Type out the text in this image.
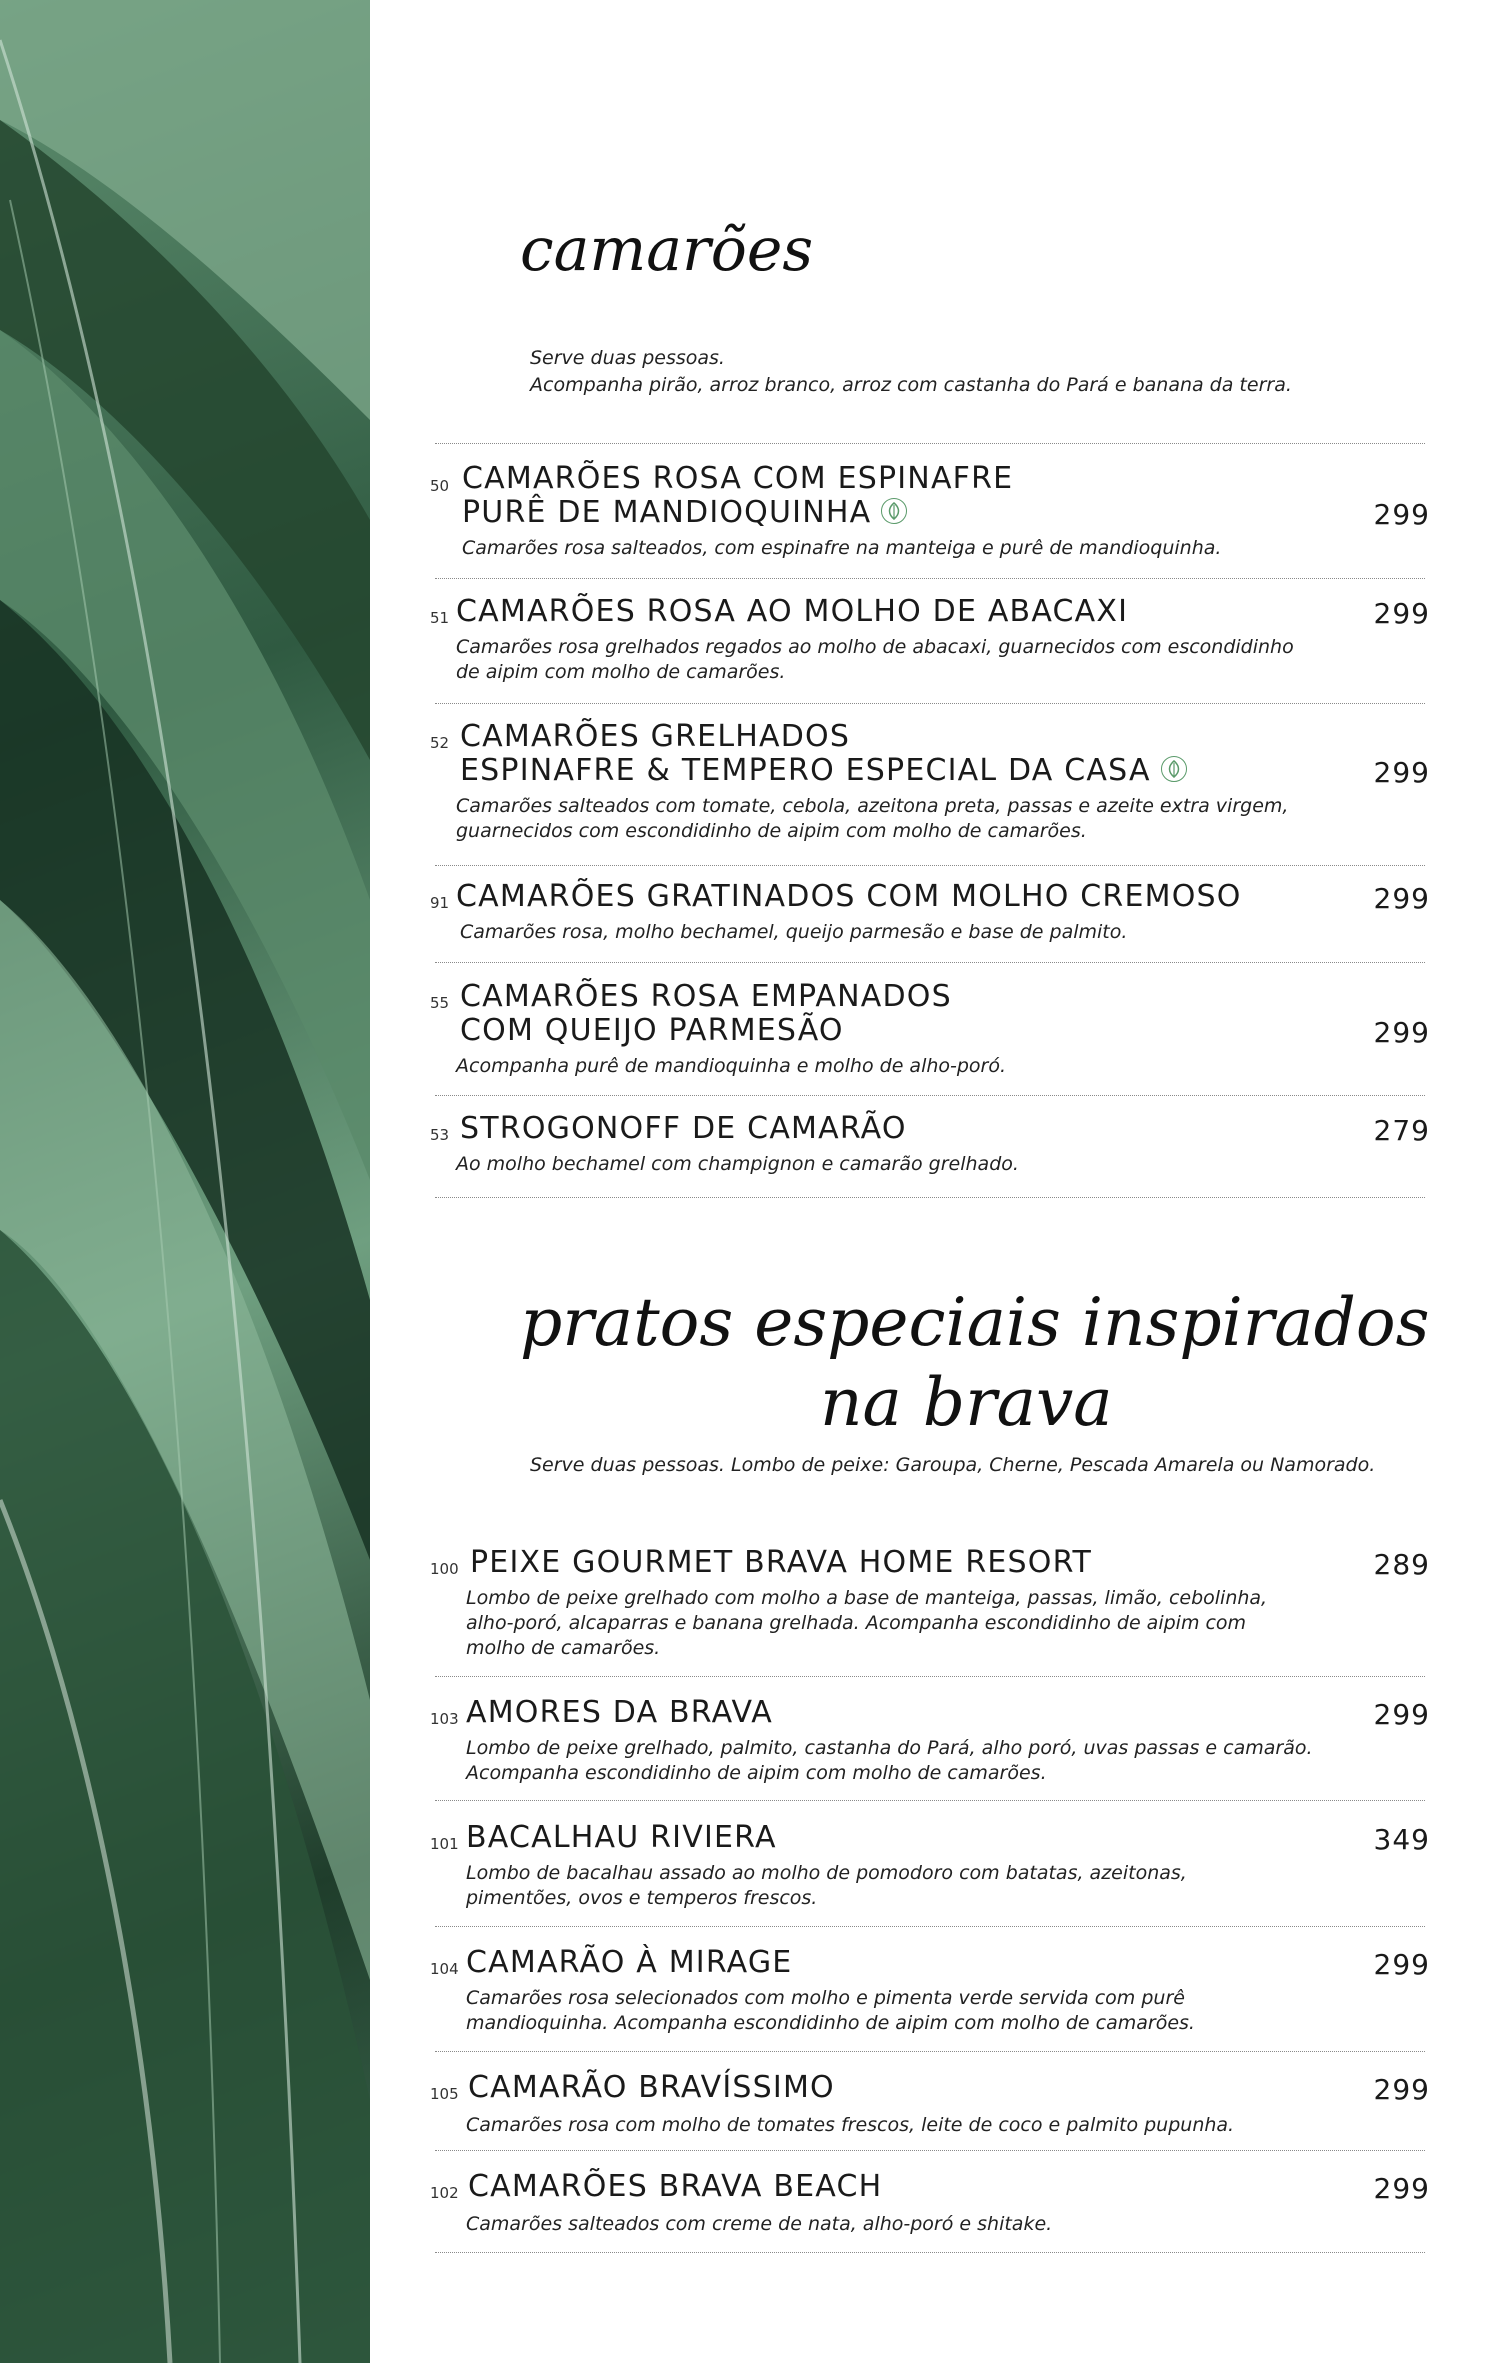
camarões

Serve duas pessoas.
Acompanha pirão, arroz branco, arroz com castanha do Pará e banana da terra.

50 CAMARÕES ROSA COM ESPINAFRE
PURÊ DE MANDIOQUINHA	299
Camarões rosa salteados, com espinafre na manteiga e purê de mandioquinha.
51 CAMARÕES ROSA AO MOLHO DE ABACAXI	299
Camarões rosa grelhados regados ao molho de abacaxi, guarnecidos com escondidinho de aipim com molho de camarões.
52 CAMARÕES GRELHADOS
ESPINAFRE & TEMPERO ESPECIAL DA CASA	299
Camarões salteados com tomate, cebola, azeitona preta, passas e azeite extra virgem, guarnecidos com escondidinho de aipim com molho de camarões.
91 CAMARÕES GRATINADOS COM MOLHO CREMOSO	299
Camarões rosa, molho bechamel, queijo parmesão e base de palmito.
55 CAMARÕES ROSA EMPANADOS
COM QUEIJO PARMESÃO	299
Acompanha purê de mandioquinha e molho de alho-poró.
53 STROGONOFF DE CAMARÃO	279
Ao molho bechamel com champignon e camarão grelhado.
pratos especiais inspirados
na brava

Serve duas pessoas. Lombo de peixe: Garoupa, Cherne, Pescada Amarela ou Namorado.

100 PEIXE GOURMET BRAVA HOME RESORT	289
Lombo de peixe grelhado com molho a base de manteiga, passas, limão, cebolinha, alho-poró, alcaparras e banana grelhada. Acompanha escondidinho de aipim com molho de camarões.
103 AMORES DA BRAVA	299
Lombo de peixe grelhado, palmito, castanha do Pará, alho poró, uvas passas e camarão. Acompanha escondidinho de aipim com molho de camarões.
101 BACALHAU RIVIERA	349
Lombo de bacalhau assado ao molho de pomodoro com batatas, azeitonas, pimentões, ovos e temperos frescos.
104 CAMARÃO À MIRAGE	299
Camarões rosa selecionados com molho e pimenta verde servida com purê mandioquinha. Acompanha escondidinho de aipim com molho de camarões.
105 CAMARÃO BRAVÍSSIMO	299
Camarões rosa com molho de tomates frescos, leite de coco e palmito pupunha.
102 CAMARÕES BRAVA BEACH	299
Camarões salteados com creme de nata, alho-poró e shitake.
